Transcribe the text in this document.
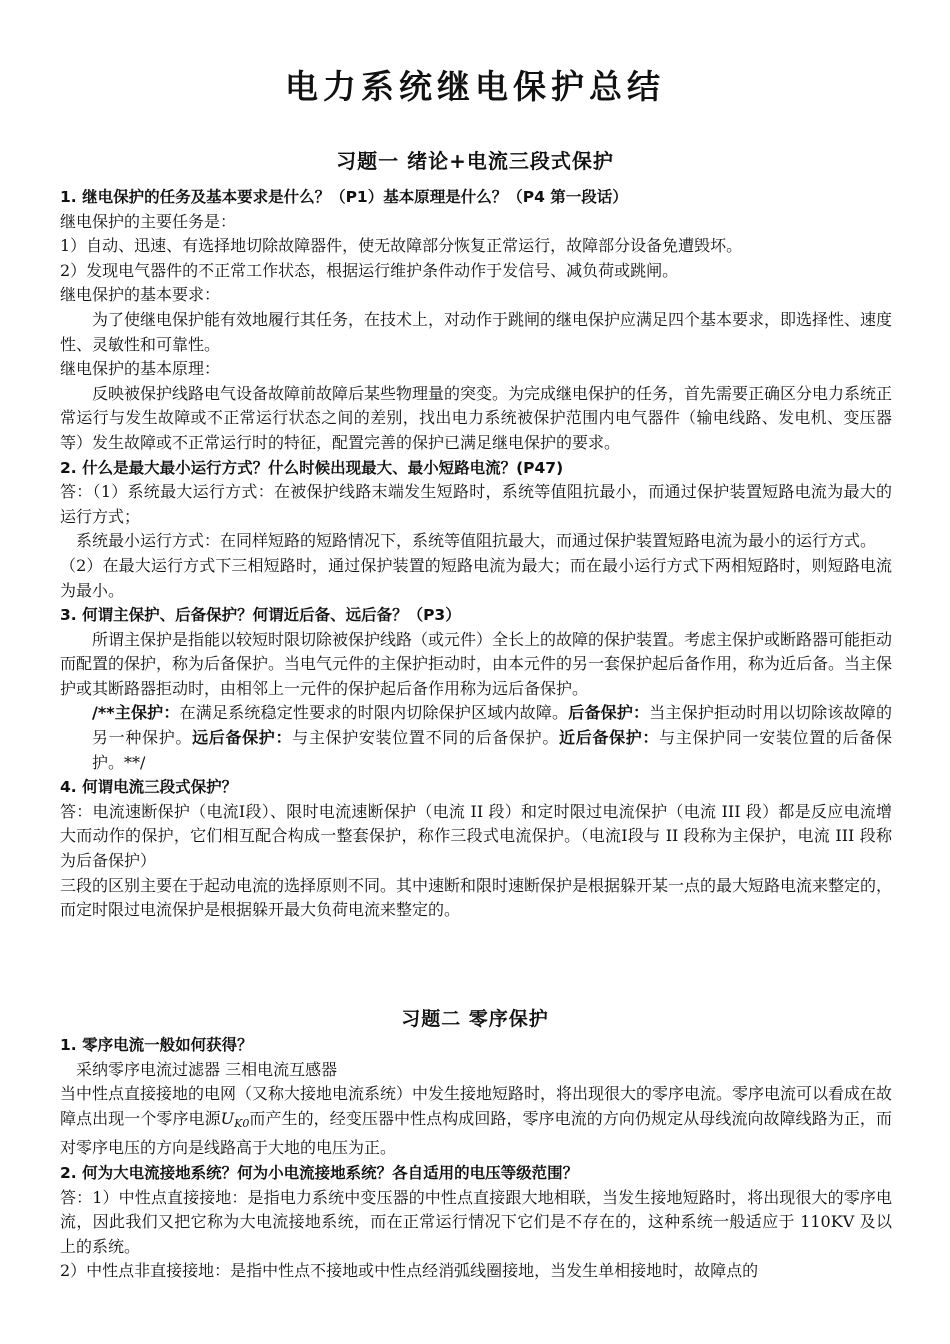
电力系统继电保护总结
习题一 绪论+电流三段式保护

1. 继电保护的任务及基本要求是什么？（P1）基本原理是什么？（P4 第一段话）

继电保护的主要任务是：

1）自动、迅速、有选择地切除故障器件，使无故障部分恢复正常运行，故障部分设备免遭毁坏。

2）发现电气器件的不正常工作状态，根据运行维护条件动作于发信号、减负荷或跳闸。

继电保护的基本要求：

为了使继电保护能有效地履行其任务，在技术上，对动作于跳闸的继电保护应满足四个基本要求，即选择性、速度性、灵敏性和可靠性。

继电保护的基本原理：

反映被保护线路电气设备故障前故障后某些物理量的突变。为完成继电保护的任务，首先需要正确区分电力系统正常运行与发生故障或不正常运行状态之间的差别，找出电力系统被保护范围内电气器件（输电线路、发电机、变压器等）发生故障或不正常运行时的特征，配置完善的保护已满足继电保护的要求。

2. 什么是最大最小运行方式？什么时候出现最大、最小短路电流？(P47)

答：（1）系统最大运行方式：在被保护线路末端发生短路时，系统等值阻抗最小，而通过保护装置短路电流为最大的运行方式；

系统最小运行方式：在同样短路的短路情况下，系统等值阻抗最大，而通过保护装置短路电流为最小的运行方式。

（2）在最大运行方式下三相短路时，通过保护装置的短路电流为最大；而在最小运行方式下两相短路时，则短路电流为最小。

3. 何谓主保护、后备保护？何谓近后备、远后备？（P3）

所谓主保护是指能以较短时限切除被保护线路（或元件）全长上的故障的保护装置。考虑主保护或断路器可能拒动而配置的保护，称为后备保护。当电气元件的主保护拒动时，由本元件的另一套保护起后备作用，称为近后备。当主保护或其断路器拒动时，由相邻上一元件的保护起后备作用称为远后备保护。

/**主保护：在满足系统稳定性要求的时限内切除保护区域内故障。后备保护：当主保护拒动时用以切除该故障的另一种保护。远后备保护：与主保护安装位置不同的后备保护。近后备保护：与主保护同一安装位置的后备保护。**/

4. 何谓电流三段式保护？

答：电流速断保护（电流Ⅰ段）、限时电流速断保护（电流 II 段）和定时限过电流保护（电流 III 段）都是反应电流增大而动作的保护，它们相互配合构成一整套保护，称作三段式电流保护。（电流Ⅰ段与 II 段称为主保护，电流 III 段称为后备保护）

三段的区别主要在于起动电流的选择原则不同。其中速断和限时速断保护是根据躲开某一点的最大短路电流来整定的，而定时限过电流保护是根据躲开最大负荷电流来整定的。

习题二 零序保护

1. 零序电流一般如何获得？

采纳零序电流过滤器 三相电流互感器

当中性点直接接地的电网（又称大接地电流系统）中发生接地短路时，将出现很大的零序电流。零序电流可以看成在故障点出现一个零序电源$U_{K0}$而产生的，经变压器中性点构成回路，零序电流的方向仍规定从母线流向故障线路为正，而对零序电压的方向是线路高于大地的电压为正。

2. 何为大电流接地系统？何为小电流接地系统？各自适用的电压等级范围？

答：1）中性点直接接地：是指电力系统中变压器的中性点直接跟大地相联，当发生接地短路时，将出现很大的零序电流，因此我们又把它称为大电流接地系统，而在正常运行情况下它们是不存在的，这种系统一般适应于 110KV 及以上的系统。

2）中性点非直接接地：是指中性点不接地或中性点经消弧线圈接地，当发生单相接地时，故障点的
